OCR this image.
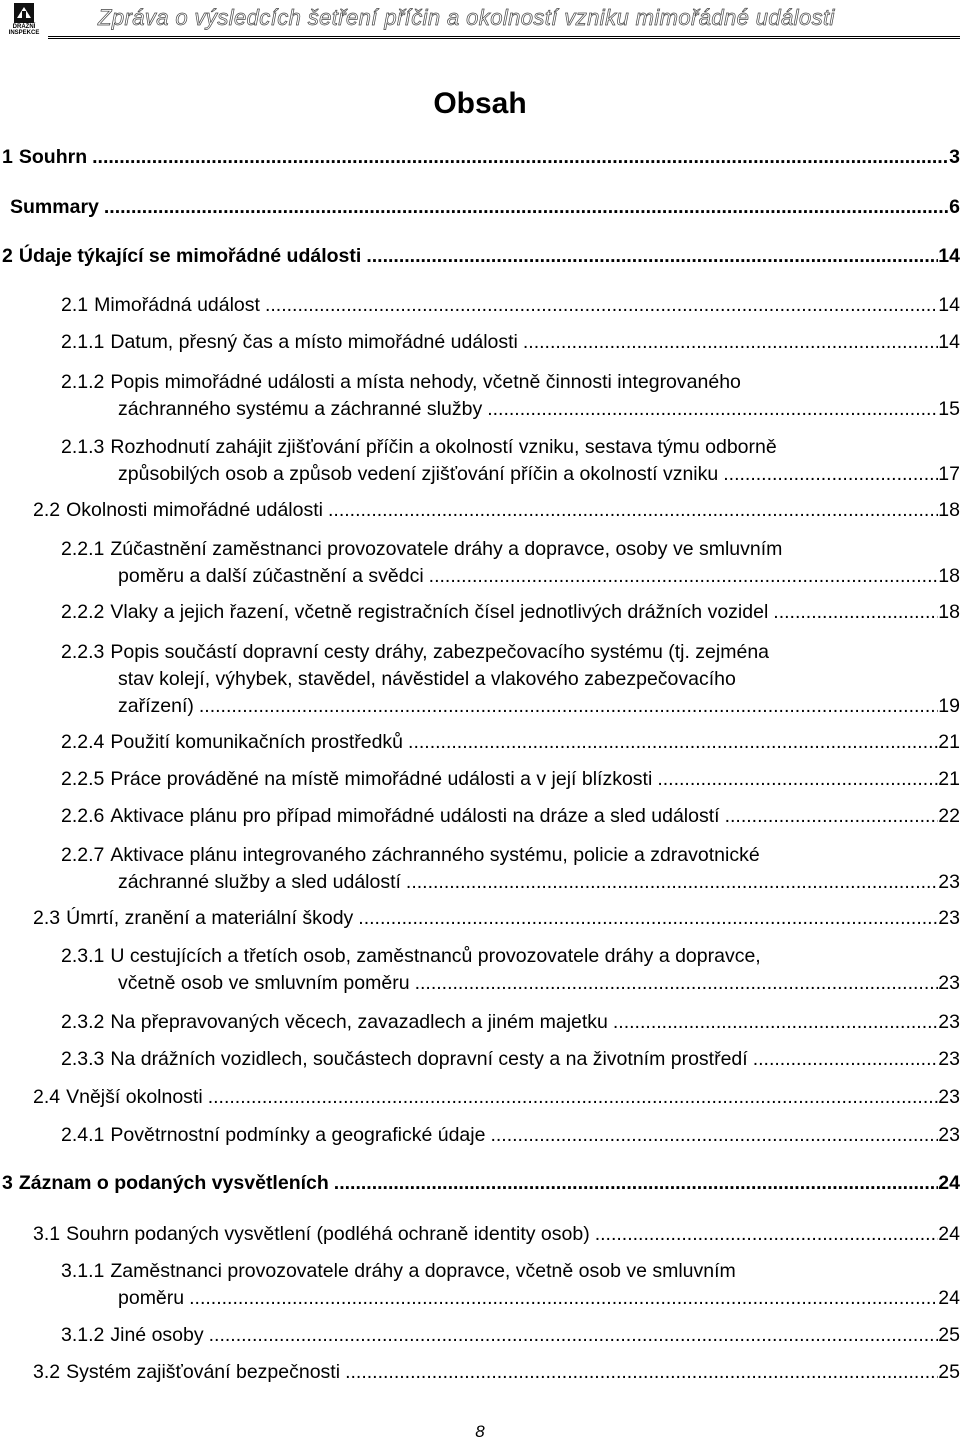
DRÁŽNÍ
INSPEKCE
Zpráva o výsledcích šetření příčin a okolností vzniku mimořádné události
Obsah
1 Souhrn .....	3
Summary .....	6
2 Údaje týkající se mimořádné události .....	14
2.1 Mimořádná událost .....	14
2.1.1 Datum, přesný čas a místo mimořádné události .....	14
2.1.2 Popis mimořádné události a místa nehody, včetně činnosti integrovaného
záchranného systému a záchranné služby .....	15
2.1.3 Rozhodnutí zahájit zjišťování příčin a okolností vzniku, sestava týmu odborně
způsobilých osob a způsob vedení zjišťování příčin a okolností vzniku .....	17
2.2 Okolnosti mimořádné události .....	18
2.2.1 Zúčastnění zaměstnanci provozovatele dráhy a dopravce, osoby ve smluvním
poměru a další zúčastnění a svědci .....	18
2.2.2 Vlaky a jejich řazení, včetně registračních čísel jednotlivých drážních vozidel .....	18
2.2.3 Popis součástí dopravní cesty dráhy, zabezpečovacího systému (tj. zejména
stav kolejí, výhybek, stavědel, návěstidel a vlakového zabezpečovacího
zařízení) .....	19
2.2.4 Použití komunikačních prostředků .....	21
2.2.5 Práce prováděné na místě mimořádné události a v její blízkosti .....	21
2.2.6 Aktivace plánu pro případ mimořádné události na dráze a sled událostí .....	22
2.2.7 Aktivace plánu integrovaného záchranného systému, policie a zdravotnické
záchranné služby a sled událostí .....	23
2.3 Úmrtí, zranění a materiální škody .....	23
2.3.1 U cestujících a třetích osob, zaměstnanců provozovatele dráhy a dopravce,
včetně osob ve smluvním poměru .....	23
2.3.2 Na přepravovaných věcech, zavazadlech a jiném majetku .....	23
2.3.3 Na drážních vozidlech, součástech dopravní cesty a na životním prostředí .....	23
2.4 Vnější okolnosti .....	23
2.4.1 Povětrnostní podmínky a geografické údaje .....	23
3 Záznam o podaných vysvětleních .....	24
3.1 Souhrn podaných vysvětlení (podléhá ochraně identity osob) .....	24
3.1.1 Zaměstnanci provozovatele dráhy a dopravce, včetně osob ve smluvním
poměru .....	24
3.1.2 Jiné osoby .....	25
3.2 Systém zajišťování bezpečnosti .....	25
8
